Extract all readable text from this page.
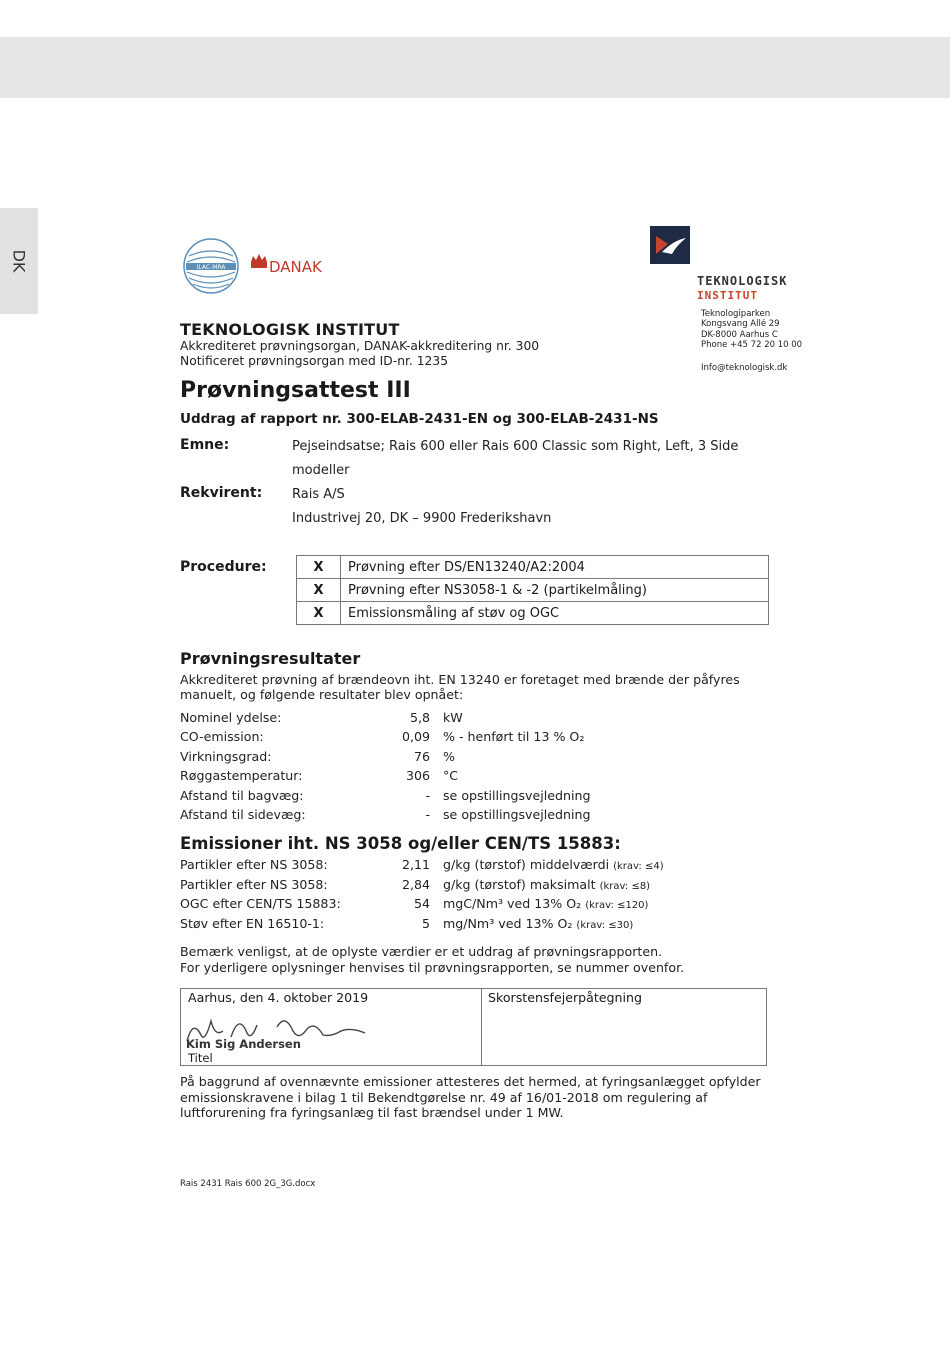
DK	ILAC-MRA	DANAK
TEKNOLOGISK
INSTITUT
Teknologiparken
Kongsvang Allé 29
DK-8000 Aarhus C
Phone +45 72 20 10 00
Info@teknologisk.dk
TEKNOLOGISK INSTITUT
Akkrediteret prøvningsorgan, DANAK-akkreditering nr. 300
Notificeret prøvningsorgan med ID-nr. 1235
Prøvningsattest III
Uddrag af rapport nr. 300-ELAB-2431-EN og 300-ELAB-2431-NS
Emne:	Pejseindsatse; Rais 600 eller Rais 600 Classic som Right, Left, 3 Side
modeller
Rekvirent: Rais A/S
Industrivej 20, DK – 9900 Frederikshavn
Procedure:	X	Prøvning efter DS/EN13240/A2:2004
X	Prøvning efter NS3058-1 & -2 (partikelmåling)
X	Emissionsmåling af støv og OGC
Prøvningsresultater
Akkrediteret prøvning af brændeovn iht. EN 13240 er foretaget med brænde der påfyres
manuelt, og følgende resultater blev opnået:
Nominel ydelse:	5,8 kW
CO-emission:	0,09 % - henført til 13 % O₂
Virkningsgrad:	76 %
Røggastemperatur:	306 °C
Afstand til bagvæg:	- se opstillingsvejledning
Afstand til sidevæg:	- se opstillingsvejledning
Emissioner iht. NS 3058 og/eller CEN/TS 15883:
Partikler efter NS 3058:	2,11 g/kg (tørstof) middelværdi (krav: ≤4)
Partikler efter NS 3058:	2,84 g/kg (tørstof) maksimalt (krav: ≤8)
OGC efter CEN/TS 15883:	54 mgC/Nm³ ved 13% O₂ (krav: ≤120)
Støv efter EN 16510-1:	5 mg/Nm³ ved 13% O₂ (krav: ≤30)
Bemærk venligst, at de oplyste værdier er et uddrag af prøvningsrapporten.
For yderligere oplysninger henvises til prøvningsrapporten, se nummer ovenfor.
Aarhus, den 4. oktober 2019
Kim Sig Andersen
Titel
Skorstensfejerpåtegning
På baggrund af ovennævnte emissioner attesteres det hermed, at fyringsanlægget opfylder
emissionskravene i bilag 1 til Bekendtgørelse nr. 49 af 16/01-2018 om regulering af
luftforurening fra fyringsanlæg til fast brændsel under 1 MW.
Rais 2431 Rais 600 2G_3G.docx
